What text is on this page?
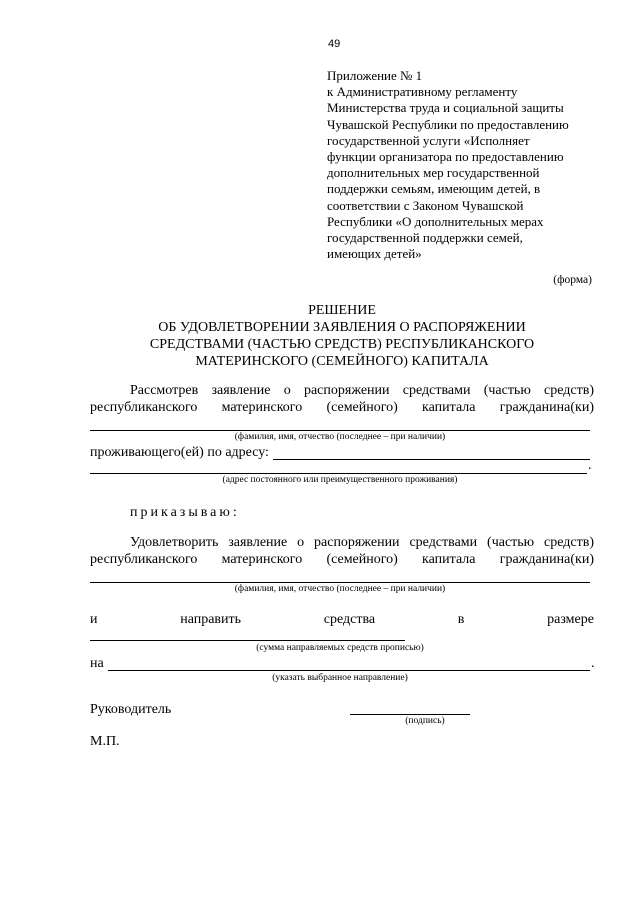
49
Приложение № 1
к Административному регламенту
Министерства труда и социальной защиты
Чувашской Республики по предоставлению
государственной услуги «Исполняет
функции организатора по предоставлению
дополнительных мер государственной
поддержки семьям, имеющим детей, в
соответствии с Законом Чувашской
Республики «О дополнительных мерах
государственной поддержки семей,
имеющих детей»
(форма)
РЕШЕНИЕ
ОБ УДОВЛЕТВОРЕНИИ ЗАЯВЛЕНИЯ О РАСПОРЯЖЕНИИ
СРЕДСТВАМИ (ЧАСТЬЮ СРЕДСТВ) РЕСПУБЛИКАНСКОГО
МАТЕРИНСКОГО (СЕМЕЙНОГО) КАПИТАЛА
Рассмотрев заявление о распоряжении средствами (частью средств)
республиканского материнского (семейного) капитала гражданина(ки)
(фамилия, имя, отчество (последнее – при наличии)
проживающего(ей) по адресу:
.
(адрес постоянного или преимущественного проживания)
приказываю:
Удовлетворить заявление о распоряжении средствами (частью средств)
республиканского материнского (семейного) капитала гражданина(ки)
(фамилия, имя, отчество (последнее – при наличии)
и	направить	средства	в	размере
(сумма направляемых средств прописью)
на	.
(указать выбранное направление)
Руководитель
(подпись)
М.П.
